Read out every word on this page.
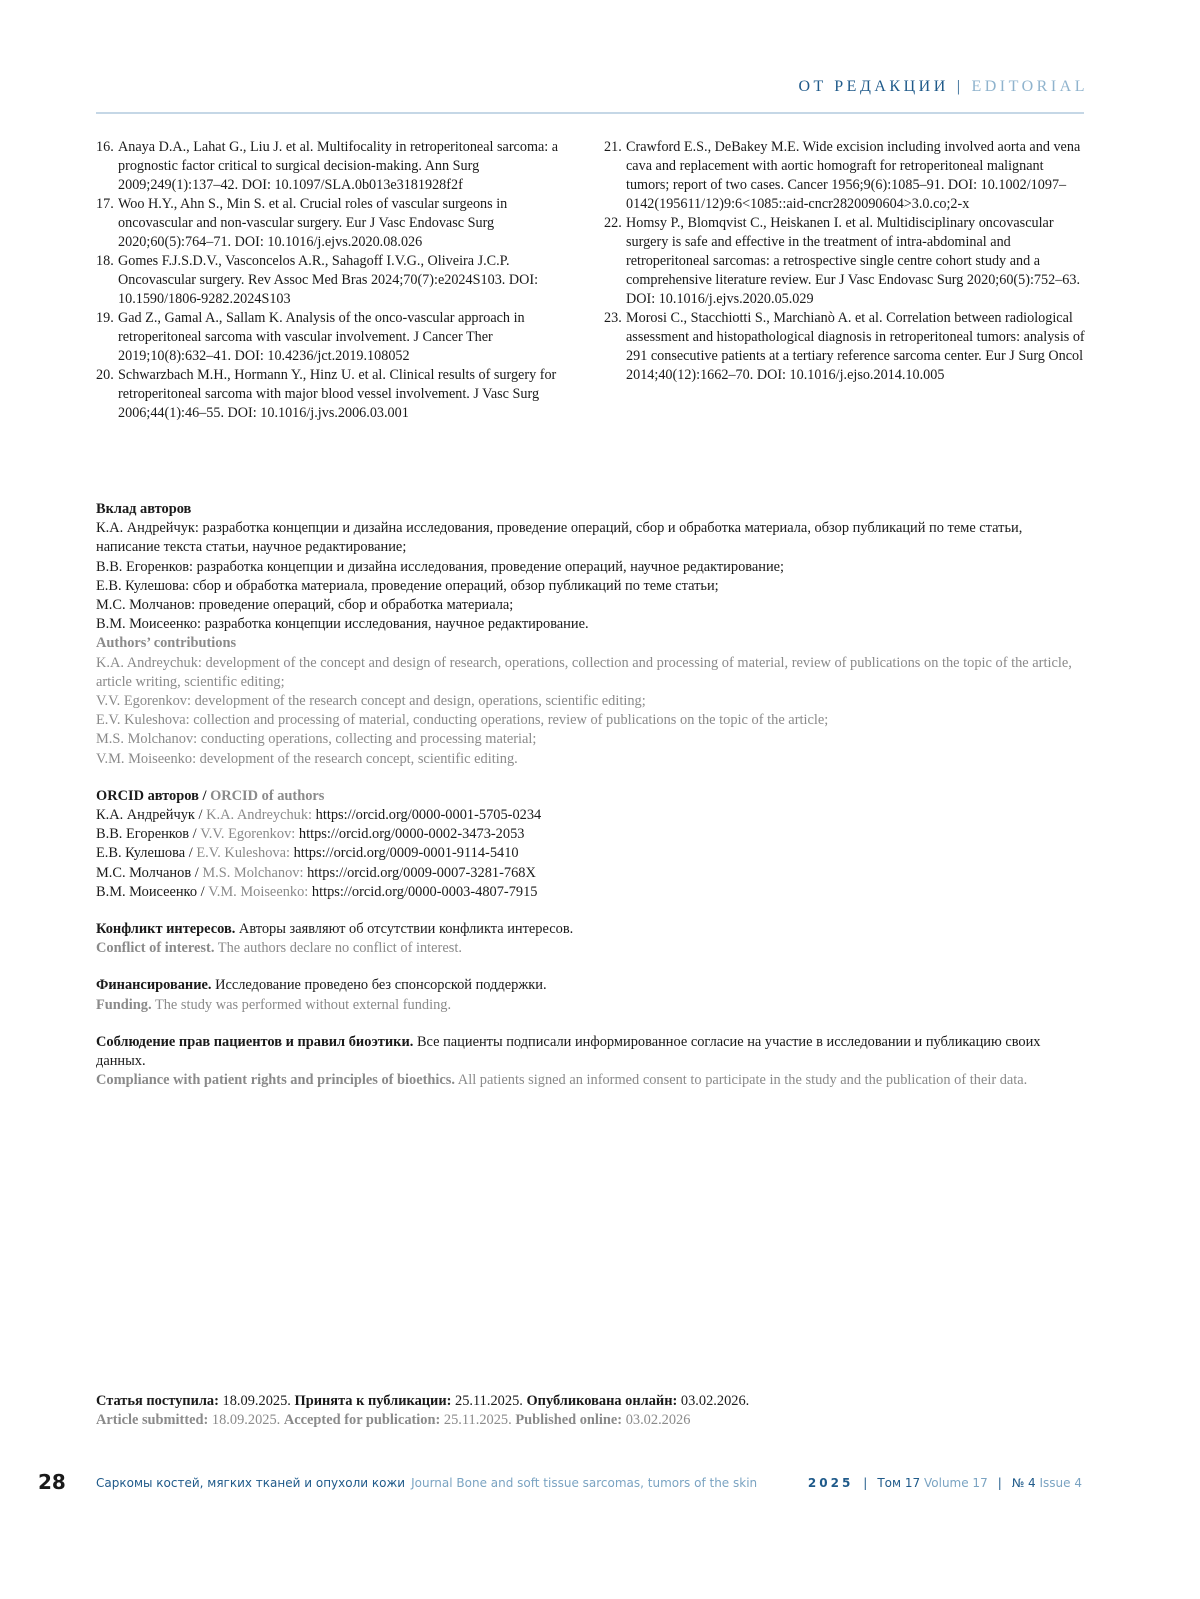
ОТ РЕДАКЦИИ | EDITORIAL
16. Anaya D.A., Lahat G., Liu J. et al. Multifocality in retroperitoneal sarcoma: a prognostic factor critical to surgical decision-making. Ann Surg 2009;249(1):137–42. DOI: 10.1097/SLA.0b013e3181928f2f
17. Woo H.Y., Ahn S., Min S. et al. Crucial roles of vascular surgeons in oncovascular and non-vascular surgery. Eur J Vasc Endovasc Surg 2020;60(5):764–71. DOI: 10.1016/j.ejvs.2020.08.026
18. Gomes F.J.S.D.V., Vasconcelos A.R., Sahagoff I.V.G., Oliveira J.C.P. Oncovascular surgery. Rev Assoc Med Bras 2024;70(7):e2024S103. DOI: 10.1590/1806-9282.2024S103
19. Gad Z., Gamal A., Sallam K. Analysis of the onco-vascular approach in retroperitoneal sarcoma with vascular involvement. J Cancer Ther 2019;10(8):632–41. DOI: 10.4236/jct.2019.108052
20. Schwarzbach M.H., Hormann Y., Hinz U. et al. Clinical results of surgery for retroperitoneal sarcoma with major blood vessel involvement. J Vasc Surg 2006;44(1):46–55. DOI: 10.1016/j.jvs.2006.03.001
21. Crawford E.S., DeBakey M.E. Wide excision including involved aorta and vena cava and replacement with aortic homograft for retroperitoneal malignant tumors; report of two cases. Cancer 1956;9(6):1085–91. DOI: 10.1002/1097–0142(195611/12)9:6<1085::aid-cncr2820090604>3.0.co;2-x
22. Homsy P., Blomqvist C., Heiskanen I. et al. Multidisciplinary oncovascular surgery is safe and effective in the treatment of intra-abdominal and retroperitoneal sarcomas: a retrospective single centre cohort study and a comprehensive literature review. Eur J Vasc Endovasc Surg 2020;60(5):752–63. DOI: 10.1016/j.ejvs.2020.05.029
23. Morosi C., Stacchiotti S., Marchianò A. et al. Correlation between radiological assessment and histopathological diagnosis in retroperitoneal tumors: analysis of 291 consecutive patients at a tertiary reference sarcoma center. Eur J Surg Oncol 2014;40(12):1662–70. DOI: 10.1016/j.ejso.2014.10.005

Вклад авторов

К.А. Андрейчук: разработка концепции и дизайна исследования, проведение операций, сбор и обработка материала, обзор публикаций по теме статьи, написание текста статьи, научное редактирование;

В.В. Егоренков: разработка концепции и дизайна исследования, проведение операций, научное редактирование;

Е.В. Кулешова: сбор и обработка материала, проведение операций, обзор публикаций по теме статьи;

М.С. Молчанов: проведение операций, сбор и обработка материала;

В.М. Моисеенко: разработка концепции исследования, научное редактирование.

Authors’ contributions

K.A. Andreychuk: development of the concept and design of research, operations, collection and processing of material, review of publications on the topic of the article, article writing, scientific editing;

V.V. Egorenkov: development of the research concept and design, operations, scientific editing;

E.V. Kuleshova: collection and processing of material, conducting operations, review of publications on the topic of the article;

M.S. Molchanov: conducting operations, collecting and processing material;

V.M. Moiseenko: development of the research concept, scientific editing.

ORCID авторов / ORCID of authors

К.А. Андрейчук / K.A. Andreychuk: https://orcid.org/0000-0001-5705-0234

В.В. Егоренков / V.V. Egorenkov: https://orcid.org/0000-0002-3473-2053

Е.В. Кулешова / E.V. Kuleshova: https://orcid.org/0009-0001-9114-5410

М.С. Молчанов / M.S. Molchanov: https://orcid.org/0009-0007-3281-768X

В.М. Моисеенко / V.M. Moiseenko: https://orcid.org/0000-0003-4807-7915

Конфликт интересов. Авторы заявляют об отсутствии конфликта интересов.

Conflict of interest. The authors declare no conflict of interest.

Финансирование. Исследование проведено без спонсорской поддержки.

Funding. The study was performed without external funding.

Соблюдение прав пациентов и правил биоэтики. Все пациенты подписали информированное согласие на участие в исследовании и публикацию своих данных.

Compliance with patient rights and principles of bioethics. All patients signed an informed consent to participate in the study and the publication of their data.

Статья поступила: 18.09.2025. Принята к публикации: 25.11.2025. Опубликована онлайн: 03.02.2026.

Article submitted: 18.09.2025. Accepted for publication: 25.11.2025. Published online: 03.02.2026

28	Саркомы костей, мягких тканей и опухоли кожи Journal Bone and soft tissue sarcomas, tumors of the skin	2025 | Том 17 Volume 17 | № 4 Issue 4
